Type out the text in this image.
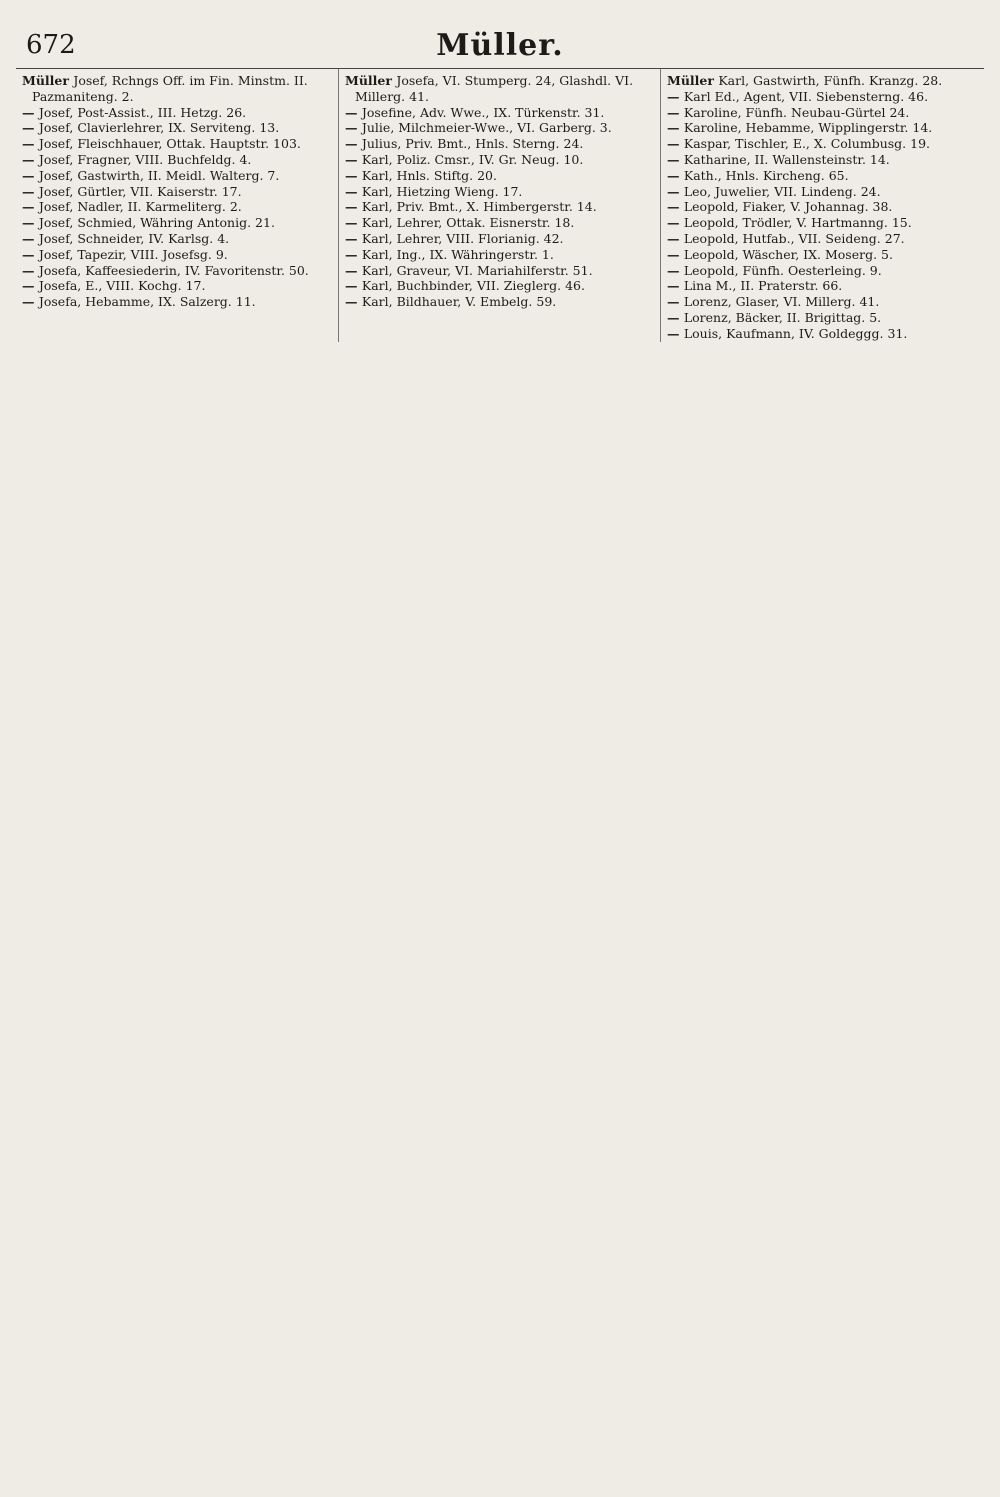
672	Müller.

Müller Josef, Rchngs Off. im Fin. Minstm. II. Pazmaniteng. 2.

— Josef, Post-Assist., III. Hetzg. 26.

— Josef, Clavierlehrer, IX. Serviteng. 13.

— Josef, Fleischhauer, Ottak. Hauptstr. 103.

— Josef, Fragner, VIII. Buchfeldg. 4.

— Josef, Gastwirth, II. Meidl. Walterg. 7.

— Josef, Gürtler, VII. Kaiserstr. 17.

— Josef, Nadler, II. Karmeliterg. 2.

— Josef, Schmied, Währing Antonig. 21.

— Josef, Schneider, IV. Karlsg. 4.

— Josef, Tapezir, VIII. Josefsg. 9.

— Josefa, Kaffeesiederin, IV. Favoritenstr. 50.

— Josefa, E., VIII. Kochg. 17.

— Josefa, Hebamme, IX. Salzerg. 11.

Müller Josefa, VI. Stumperg. 24, Glashdl. VI. Millerg. 41.

— Josefine, Adv. Wwe., IX. Türkenstr. 31.

— Julie, Milchmeier-Wwe., VI. Garberg. 3.

— Julius, Priv. Bmt., Hnls. Sterng. 24.

— Karl, Poliz. Cmsr., IV. Gr. Neug. 10.

— Karl, Hnls. Stiftg. 20.

— Karl, Hietzing Wieng. 17.

— Karl, Priv. Bmt., X. Himbergerstr. 14.

— Karl, Lehrer, Ottak. Eisnerstr. 18.

— Karl, Lehrer, VIII. Florianig. 42.

— Karl, Ing., IX. Währingerstr. 1.

— Karl, Graveur, VI. Mariahilferstr. 51.

— Karl, Buchbinder, VII. Zieglerg. 46.

— Karl, Bildhauer, V. Embelg. 59.

Müller Karl, Gastwirth, Fünfh. Kranzg. 28.

— Karl Ed., Agent, VII. Siebensterng. 46.

— Karoline, Fünfh. Neubau-Gürtel 24.

— Karoline, Hebamme, Wipplingerstr. 14.

— Kaspar, Tischler, E., X. Columbusg. 19.

— Katharine, II. Wallensteinstr. 14.

— Kath., Hnls. Kircheng. 65.

— Leo, Juwelier, VII. Lindeng. 24.

— Leopold, Fiaker, V. Johannag. 38.

— Leopold, Trödler, V. Hartmanng. 15.

— Leopold, Hutfab., VII. Seideng. 27.

— Leopold, Wäscher, IX. Moserg. 5.

— Leopold, Fünfh. Oesterleing. 9.

— Lina M., II. Praterstr. 66.

— Lorenz, Glaser, VI. Millerg. 41.

— Lorenz, Bäcker, II. Brigittag. 5.

— Louis, Kaufmann, IV. Goldeggg. 31.
